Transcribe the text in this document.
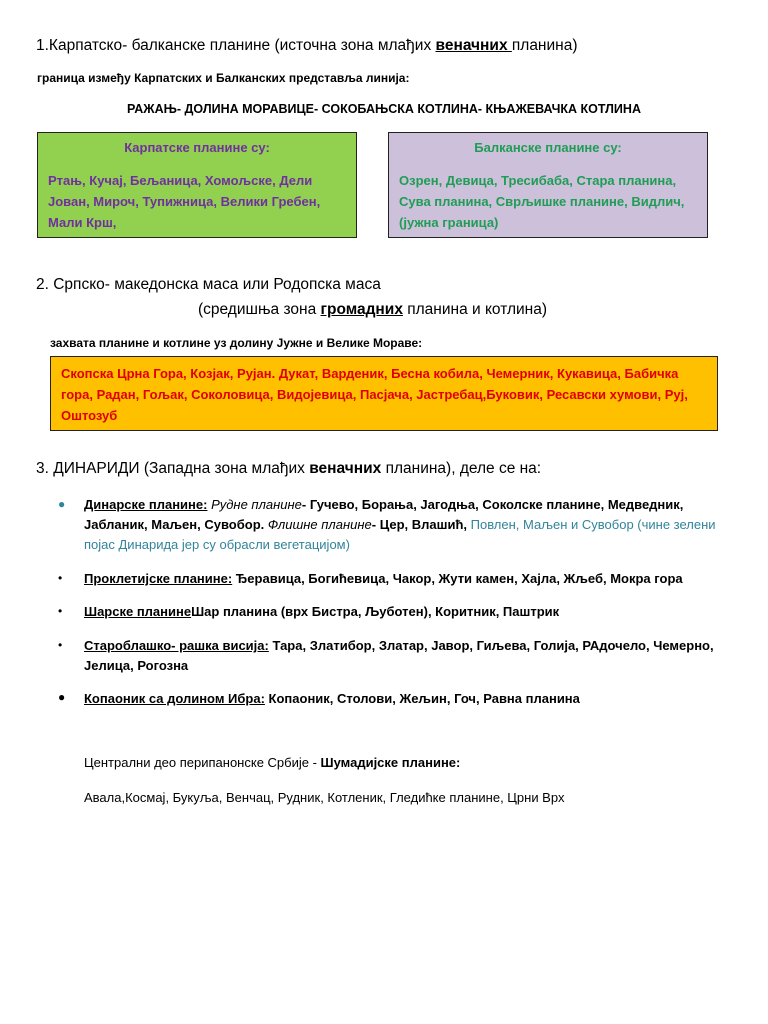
1.Карпатско- балканске планине (источна зона млађих веначних планина)
граница између Карпатских и Балканских представља линија:
РАЖАЊ- ДОЛИНА МОРАВИЦЕ- СОКОБАЊСКА КОТЛИНА- КЊАЖЕВАЧКА КОТЛИНА
Карпатске планине су:
Ртањ, Кучај, Бељаница, Хомољске, Дели Јован, Мироч, Тупижница, Велики Гребен, Мали Крш,
Балканске планине су:
Озрен, Девица, Тресибаба, Стара планина, Сува планина, Сврљишке планине, Видлич, (јужна граница)
2. Српско- македонска маса или Родопска маса
(средишња зона громадних планина и котлина)
захвата планине и котлине уз долину Јужне и Велике Мораве:
Скопска Црна Гора, Козјак, Рујан. Дукат, Варденик, Бесна кобила, Чемерник, Кукавица, Бабичка гора, Радан, Гољак, Соколовица, Видојевица, Пасјача, Јастребац,Буковик, Ресавски хумови, Руј, Оштозуб
3. ДИНАРИДИ (Западна зона млађих веначних планина), деле се на:
● Динарске планине: Рудне планине- Гучево, Борања, Јагодња, Соколске планине, Медведник, Јабланик, Маљен, Сувобор. Флишне планине- Цер, Влашић, Повлен, Маљен и Сувобор (чине зелени појас Динарида јер су обрасли вегетацијом)
• Проклетијске планине: Ђеравица, Богићевица, Чакор, Жути камен, Хајла, Жљеб, Мокра гора
• Шарске планинеШар планина (врх Бистра, Љуботен), Коритник, Паштрик
• Староблашко- рашка висија: Тара, Златибор, Златар, Јавор, Гиљева, Голија, РАдочело, Чемерно, Јелица, Рогозна
● Копаоник са долином Ибра: Копаоник, Столови, Жељин, Гоч, Равна планина
Централни део перипанонске Србије - Шумадијске планине:
Авала,Космај, Букуља, Венчац, Рудник, Котленик, Гледићке планине, Црни Врх
